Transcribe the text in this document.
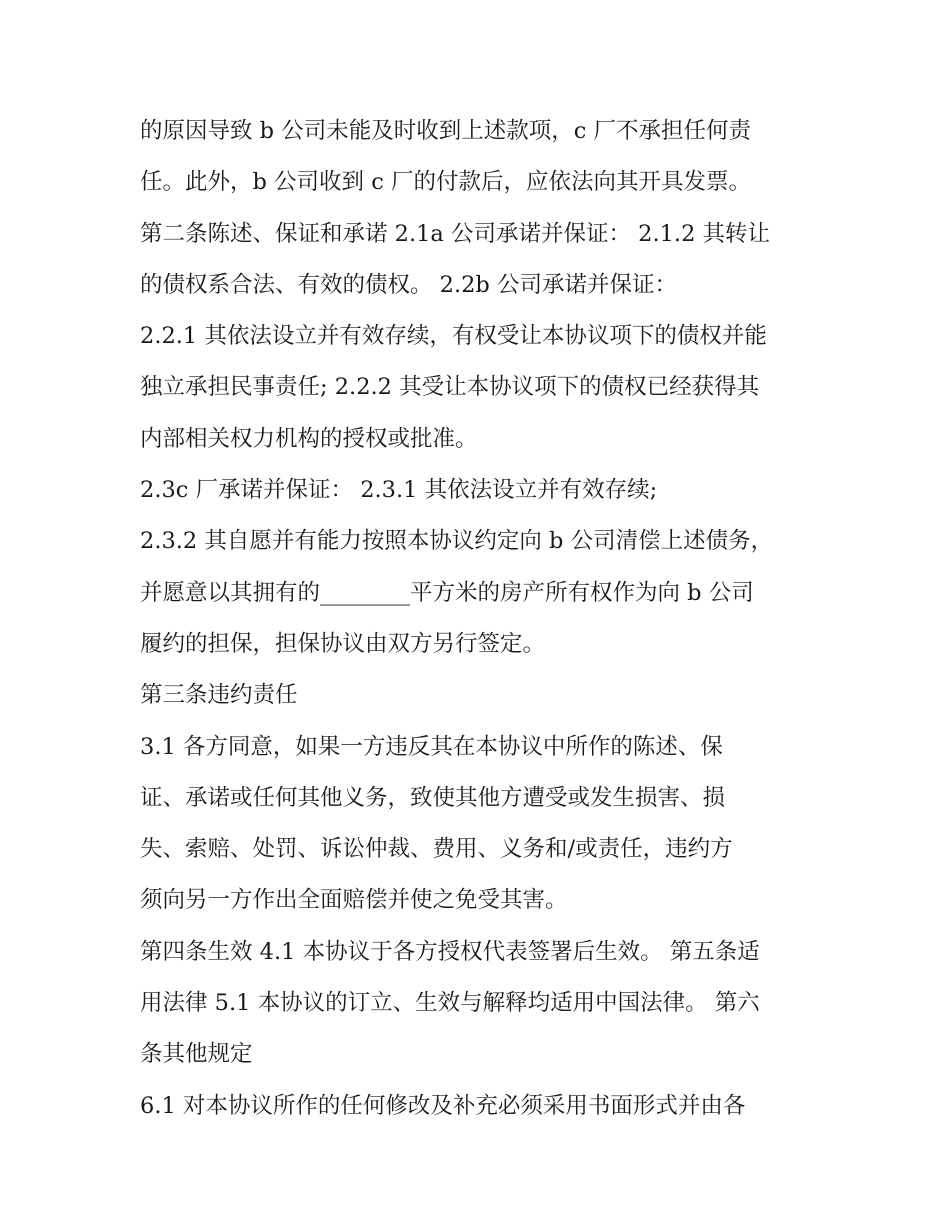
的原因导致 b 公司未能及时收到上述款项，c 厂不承担任何责
任。此外，b 公司收到 c 厂的付款后，应依法向其开具发票。
第二条陈述、保证和承诺 2.1a 公司承诺并保证： 2.1.2 其转让
的债权系合法、有效的债权。 2.2b 公司承诺并保证：
2.2.1 其依法设立并有效存续，有权受让本协议项下的债权并能
独立承担民事责任; 2.2.2 其受让本协议项下的债权已经获得其
内部相关权力机构的授权或批准。
2.3c 厂承诺并保证： 2.3.1 其依法设立并有效存续;
2.3.2 其自愿并有能力按照本协议约定向 b 公司清偿上述债务，
并愿意以其拥有的________平方米的房产所有权作为向 b 公司
履约的担保，担保协议由双方另行签定。
第三条违约责任
3.1 各方同意，如果一方违反其在本协议中所作的陈述、保
证、承诺或任何其他义务，致使其他方遭受或发生损害、损
失、索赔、处罚、诉讼仲裁、费用、义务和/或责任，违约方
须向另一方作出全面赔偿并使之免受其害。
第四条生效 4.1 本协议于各方授权代表签署后生效。 第五条适
用法律 5.1 本协议的订立、生效与解释均适用中国法律。 第六
条其他规定
6.1 对本协议所作的任何修改及补充必须采用书面形式并由各
